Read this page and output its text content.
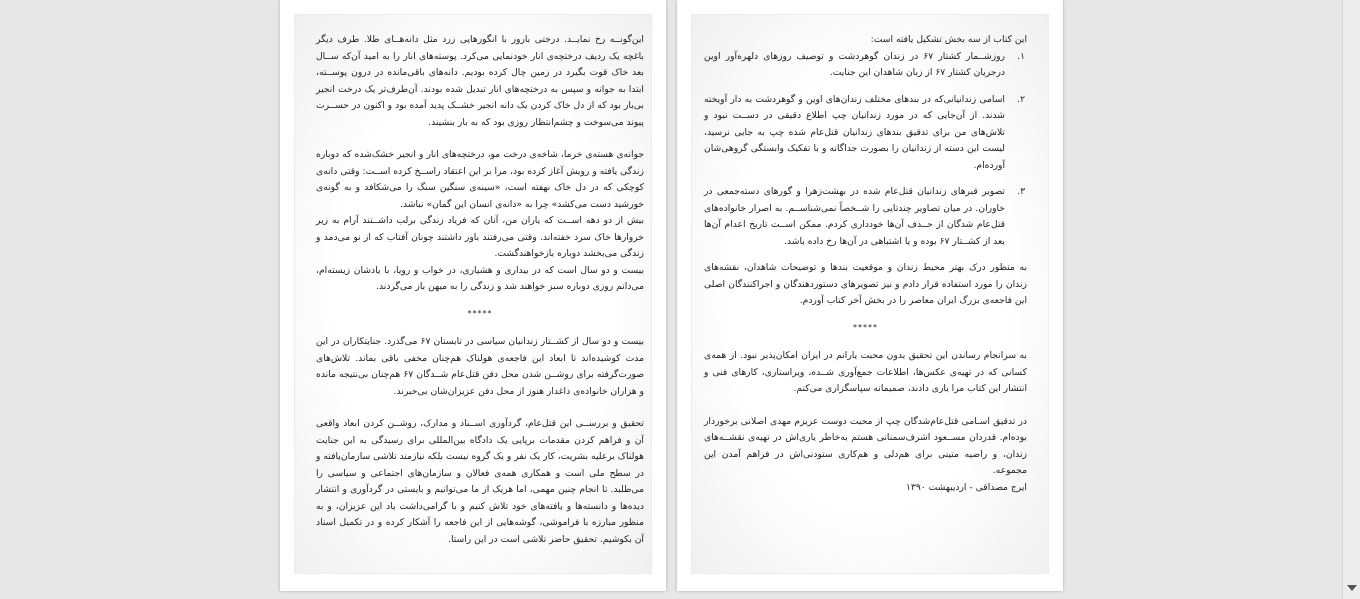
این‌گونــه رخ نمایــد. درختی بارور با انگورهایی زرد مثل دانه‌هــای طلا. طرف دیگر باغچه یک ردیف درختچه‌ی انار خودنمایی می‌کرد. پوسته‌های انار را به امید آن‌که ســال بعد خاک قوت بگیرد در زمین چال کرده بودیم. دانه‌های باقی‌مانده در درون پوســته، ابتدا به جوانه و سپس به درختچه‌های انار تبدیل شده بودند. آن‌طرف‌تر یک درخت انجیر بی‌بار بود که از دل خاک کردن یک دانه انجیر خشــک پدید آمده بود و اکنون در حســرت پیوند می‌سوخت و چشم‌انتظار روزی بود که به بار بنشیند.

جوانه‌ی هسته‌ی خرما، شاخه‌ی درخت مو، درختچه‌های انار و انجیر خشک‌شده که دوباره زندگی یافته و رویش آغاز کرده بود، مرا بر این اعتقاد راســخ کرده اســت: وقتی دانه‌ی کوچکی که در دل خاک نهفته است، «سینه‌ی سنگین سنگ را می‌شکافد و به گونه‌ی خورشید دست می‌کشد» چرا به «دانه‌ی انسان این گمان» نباشد.

بیش از دو دهه اســت که یاران من، آنان که فریاد زندگی برلب داشــتند آرام به زیر خروارها خاک سرد خفته‌اند. وقتی می‌رفتند باور داشتند چونان آفتاب که از نو می‌دمد و زندگی می‌بخشد دوباره بازخواهندگشت.

بیست و دو سال است که در بیداری و هشیاری، در خواب و رویا، با یادشان زیسته‌ام، می‌دانم روزی دوباره سبز خواهند شد و زندگی را به میهن باز می‌گردند.

*****

بیست و دو سال از کشــتار زندانیان سیاسی در تابستان ۶۷ می‌گذرد. جنایتکاران در این مدت کوشیده‌اند تا ابعاد این فاجعه‌ی هولناک هم‌چنان مخفی باقی بماند. تلاش‌های صورت‌گرفته برای روشــن شدن محل دفن قتل‌عام شــدگان ۶۷ هم‌چنان بی‌نتیجه مانده و هزاران خانواده‌ی داغدار هنوز از محل دفن عزیزان‌شان بی‌خبرند.

تحقیق و بررســی این قتل‌عام، گردآوری اســناد و مدارک، روشــن کردن ابعاد واقعی آن و فراهم کردن مقدمات برپایی یک دادگاه بین‌المللی برای رسیدگی به این جنایت هولناک برعلیه بشریت، کار یک نفر و یک گروه نیست بلکه نیازمند تلاشی سازمان‌یافته و در سطح ملی است و همکاری همه‌ی فعالان و سازمان‌های اجتماعی و سیاسی را می‌طلبد. تا انجام چنین مهمی، اما هریک از ما می‌توانیم و بایستی در گردآوری و انتشار دیده‌ها و دانسته‌ها و یافته‌های خود تلاش کنیم و با گرامی‌داشت یاد این عزیزان، و به منظور مبارزه با فراموشی، گوشه‌هایی از این فاجعه را آشکار کرده و در تکمیل اسناد آن بکوشیم. تحقیق حاضر تلاشی است در این راستا.

این کتاب از سه بخش تشکیل یافته است:

۱.
روزشــمار کشتار ۶۷ در زندان گوهردشت و توصیف روزهای دلهره‌آور اوین درجریان کشتار ۶۷ از زبان شاهدان این جنایت.
۲.
اسامی زندانیانی‌که در بندهای مختلف زندان‌های اوین و گوهردشت به دار آویخته شدند. از آن‌جایی که در مورد زندانیان چپ اطلاع دقیقی در دســت نبود و تلاش‌های من برای تدقیق بندهای زندانیان قتل‌عام شده چپ به جایی نرسید، لیست این دسته از زندانیان را بصورت جداگانه و با تفکیک وابستگی گروهی‌شان آورده‌ام.
۳.
تصویر قبرهای زندانیان قتل‌عام شده در بهشت‌زهرا و گورهای دسته‌جمعی در خاوران. در میان تصاویر چندتایی را شــخصاً نمی‌شناســم. به اصرار خانواده‌های قتل‌عام شدگان از حــذف آن‌ها خودداری کردم. ممکن اســت تاریخ اعدام آن‌ها بعد از کشــتار ۶۷ بوده و یا اشتباهی در آن‌ها رخ داده باشد.

به منظور درک بهتر محیط زندان و موقعیت بندها و توضیحات شاهدان، نقشه‌های زندان را مورد استفاده قرار دادم و نیز تصویرهای دستوردهندگان و اجراکنندگان اصلی این فاجعه‌ی بزرگ ایران معاصر را در بخش آخر کتاب آوردم.

*****

به سرانجام رساندن این تحقیق بدون محبت یارانم در ایران امکان‌پذیر نبود. از همه‌ی کسانی که در تهیه‌ی عکس‌ها، اطلاعات جمع‌آوری شــده، ویراستاری، کارهای فنی و انتشار این کتاب مرا یاری دادند، صمیمانه سپاسگزاری می‌کنم.

در تدقیق اسـامی قتل‌عام‌شدگان چپ از محبت دوست عزیزم مهدی اصلانی برخوردار بوده‌ام. قدردان مســعود اشرف‌سمنانی هستم به‌خاطر یاری‌اش در تهیه‌ی نقشــه‌های زندان، و راضیه متینی برای هم‌دلی و هم‌کاری ستودنی‌اش در فراهم آمدن این مجموعه.

ایرج مصداقی - اردیبهشت ۱۳۹۰
